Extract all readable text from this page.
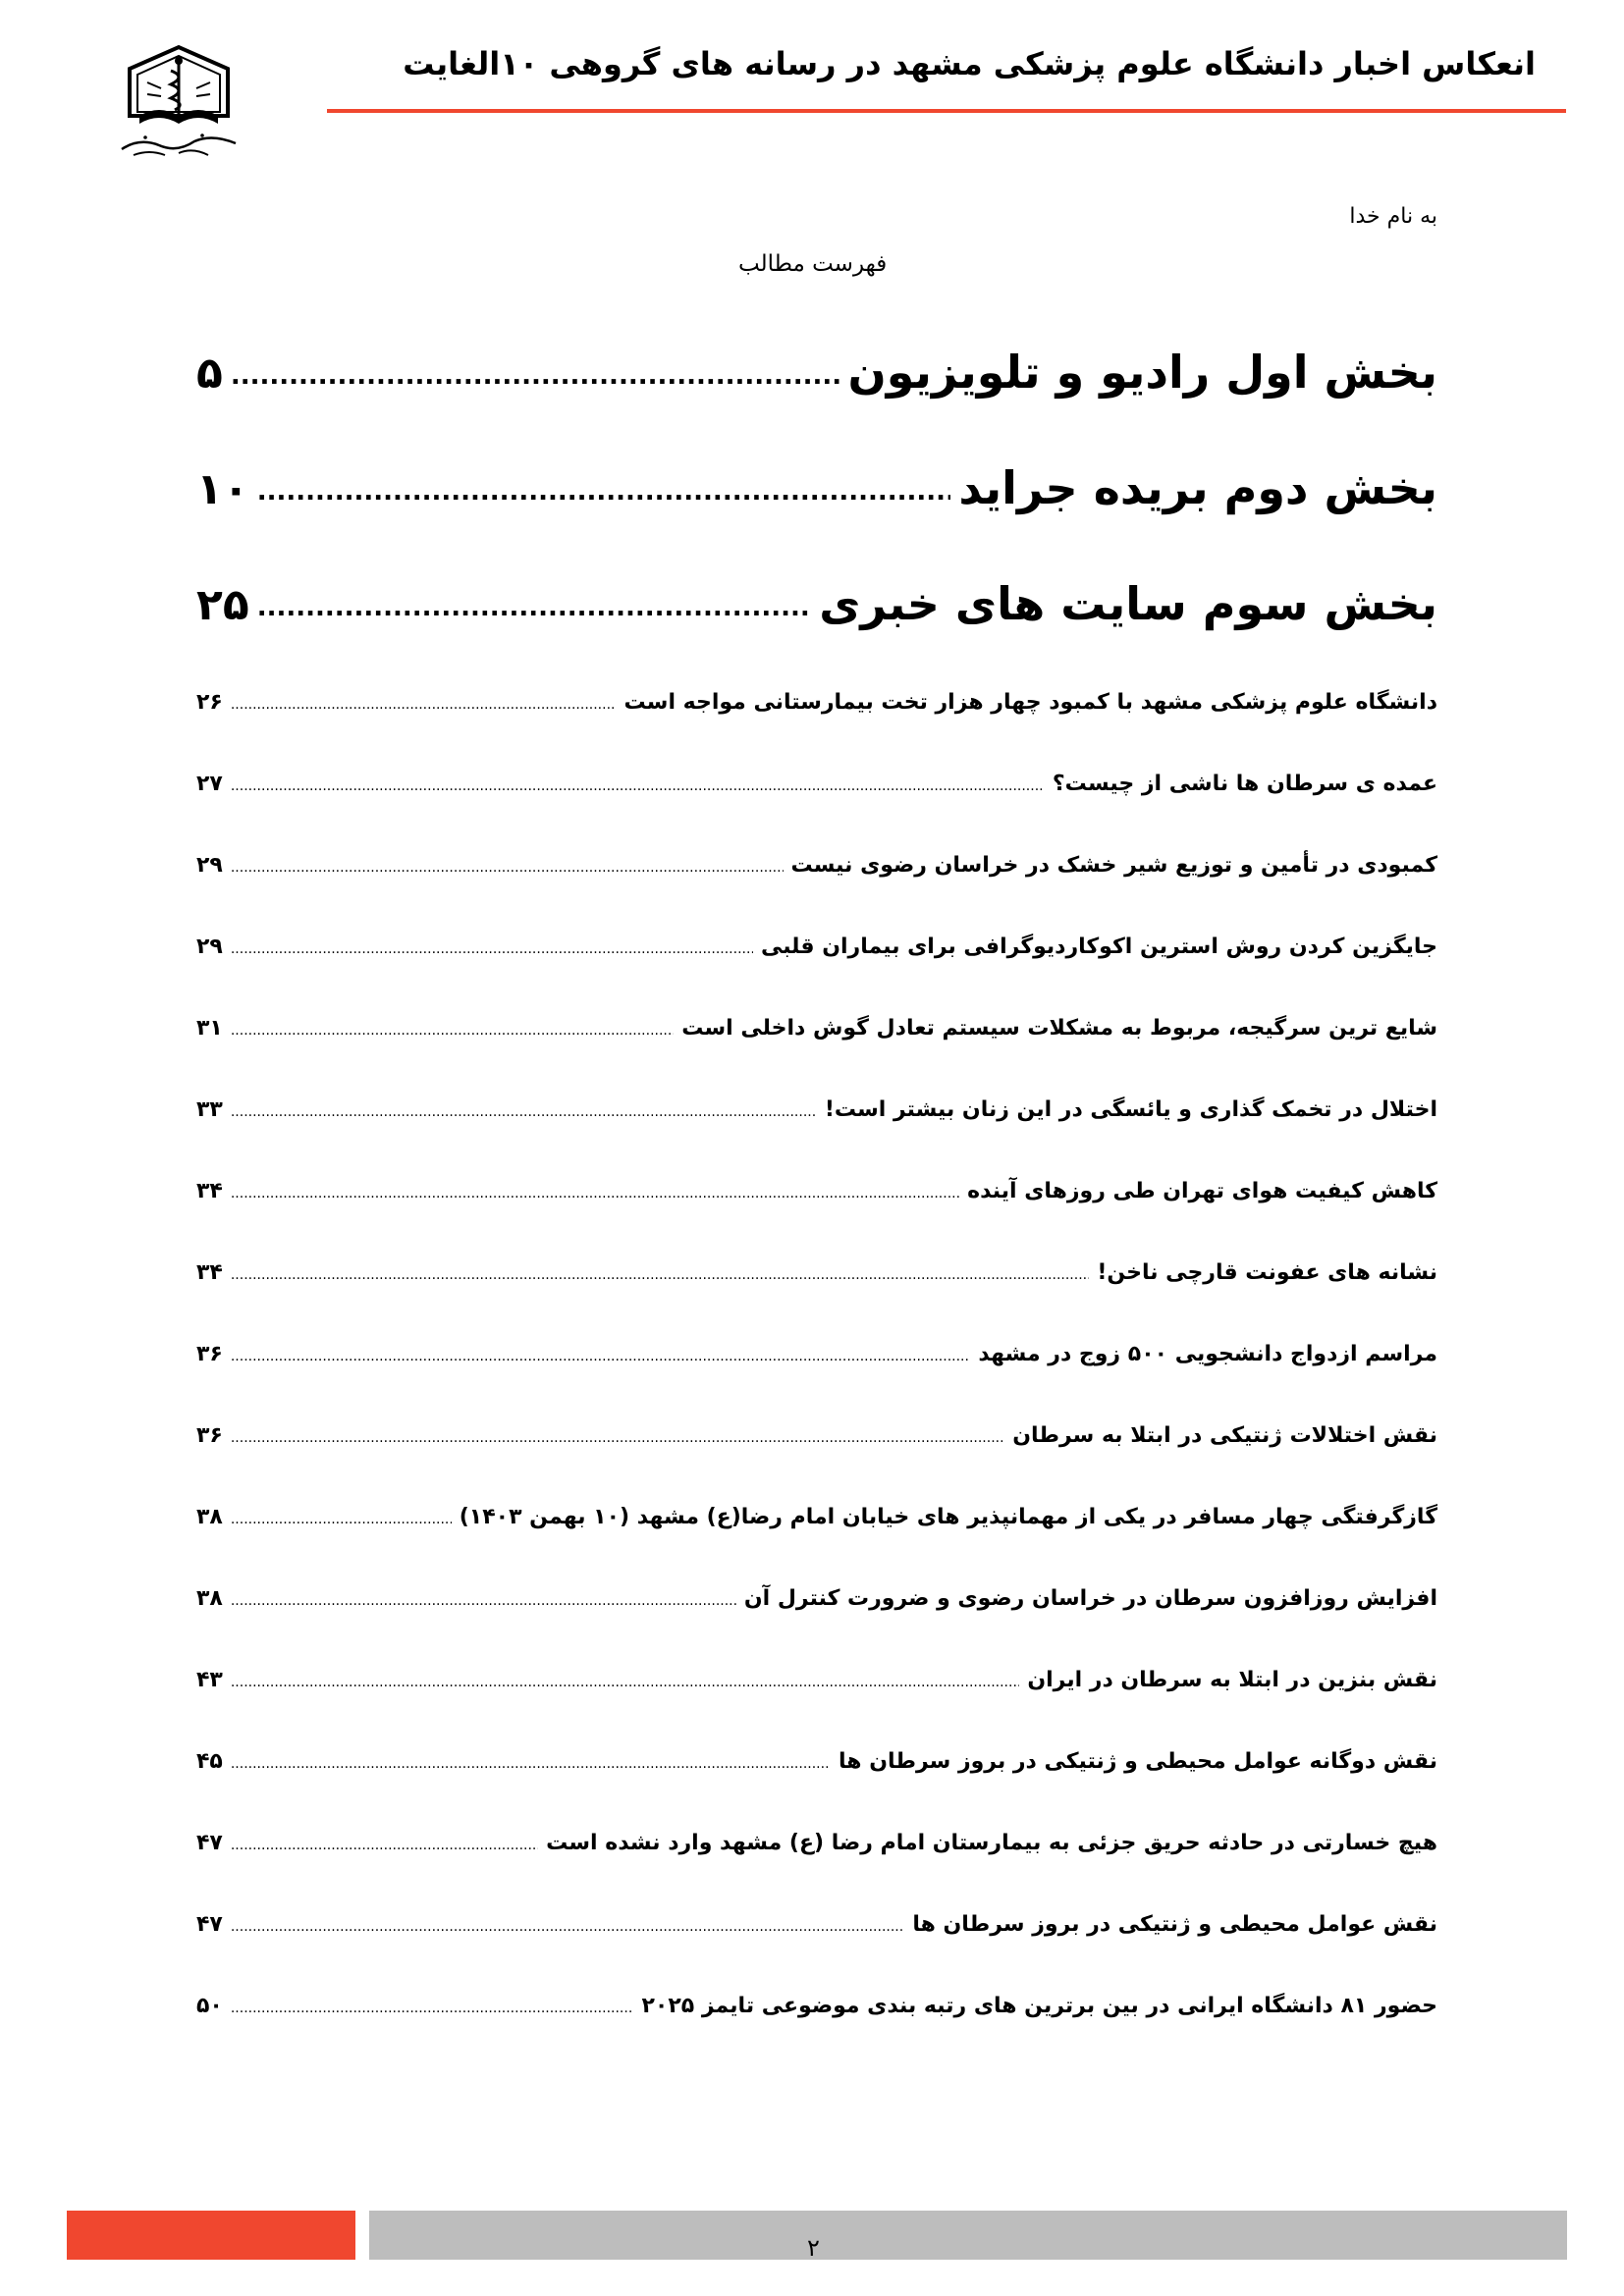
انعکاس اخبار دانشگاه علوم پزشکی مشهد در رسانه های گروهی ۱۰الغایت
به نام خدا
فهرست مطالب
بخش اول رادیو و تلویزیون
.....
۵
بخش دوم بریده جراید
.....
۱۰
بخش سوم سایت های خبری
.....
۲۵
دانشگاه علوم پزشکی مشهد با کمبود چهار هزار تخت بیمارستانی مواجه است
.....
۲۶
عمده ی سرطان ها ناشی از چیست؟
.....
۲۷
کمبودی در تأمین و توزیع شیر خشک در خراسان رضوی نیست
.....
۲۹
جایگزین کردن روش استرین اکوکاردیوگرافی برای بیماران قلبی
.....
۲۹
شایع ترین سرگیجه، مربوط به مشکلات سیستم تعادل گوش داخلی است
.....
۳۱
اختلال در تخمک گذاری و یائسگی در این زنان بیشتر است!
.....
۳۳
کاهش کیفیت هوای تهران طی روزهای آینده
.....
۳۴
نشانه های عفونت قارچی ناخن!
.....
۳۴
مراسم ازدواج دانشجویی ۵۰۰ زوج در مشهد
.....
۳۶
نقش اختلالات ژنتیکی در ابتلا به سرطان
.....
۳۶
گازگرفتگی چهار مسافر در یکی از مهمانپذیر های خیابان امام رضا(ع) مشهد (۱۰ بهمن ۱۴۰۳)
.....
۳۸
افزایش روزافزون سرطان در خراسان رضوی و ضرورت کنترل آن
.....
۳۸
نقش بنزین در ابتلا به سرطان در ایران
.....
۴۳
نقش دوگانه عوامل محیطی و ژنتیکی در بروز سرطان ها
.....
۴۵
هیچ خسارتی در حادثه حریق جزئی به بیمارستان امام رضا (ع) مشهد وارد نشده است
.....
۴۷
نقش عوامل محیطی و ژنتیکی در بروز سرطان ها
.....
۴۷
حضور ۸۱ دانشگاه ایرانی در بین برترین های رتبه بندی موضوعی تایمز ۲۰۲۵
.....
۵۰
۲
